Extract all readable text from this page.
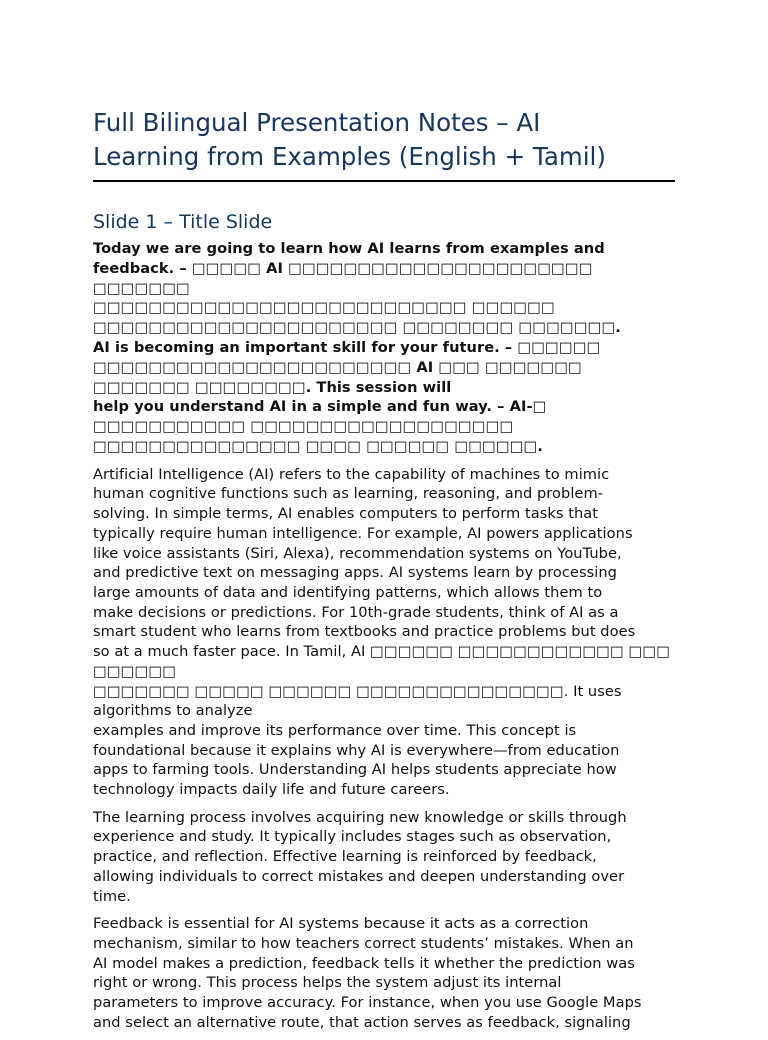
Full Bilingual Presentation Notes – AI
Learning from Examples (English + Tamil)
Slide 1 – Title Slide

Today we are going to learn how AI learns from examples and
feedback. – □□□□□ AI □□□□□□□□□□□□□□□□□□□□□□ □□□□□□□
□□□□□□□□□□□□□□□□□□□□□□□□□□□ □□□□□□ □□□□□□□□□□□□□□□□□□□□□□ □□□□□□□□ □□□□□□□.
AI is becoming an important skill for your future. – □□□□□□
□□□□□□□□□□□□□□□□□□□□□□□ AI □□□ □□□□□□□ □□□□□□□ □□□□□□□□. This session will
help you understand AI in a simple and fun way. – AI-□
□□□□□□□□□□□ □□□□□□□□□□□□□□□□□□□ □□□□□□□□□□□□□□□ □□□□ □□□□□□ □□□□□□.

Artificial Intelligence (AI) refers to the capability of machines to mimic
human cognitive functions such as learning, reasoning, and problem-
solving. In simple terms, AI enables computers to perform tasks that
typically require human intelligence. For example, AI powers applications
like voice assistants (Siri, Alexa), recommendation systems on YouTube,
and predictive text on messaging apps. AI systems learn by processing
large amounts of data and identifying patterns, which allows them to
make decisions or predictions. For 10th-grade students, think of AI as a
smart student who learns from textbooks and practice problems but does
so at a much faster pace. In Tamil, AI □□□□□□ □□□□□□□□□□□□ □□□ □□□□□□
□□□□□□□ □□□□□ □□□□□□ □□□□□□□□□□□□□□□. It uses algorithms to analyze
examples and improve its performance over time. This concept is
foundational because it explains why AI is everywhere—from education
apps to farming tools. Understanding AI helps students appreciate how
technology impacts daily life and future careers.

The learning process involves acquiring new knowledge or skills through
experience and study. It typically includes stages such as observation,
practice, and reflection. Effective learning is reinforced by feedback,
allowing individuals to correct mistakes and deepen understanding over
time.

Feedback is essential for AI systems because it acts as a correction
mechanism, similar to how teachers correct students’ mistakes. When an
AI model makes a prediction, feedback tells it whether the prediction was
right or wrong. This process helps the system adjust its internal
parameters to improve accuracy. For instance, when you use Google Maps
and select an alternative route, that action serves as feedback, signaling
